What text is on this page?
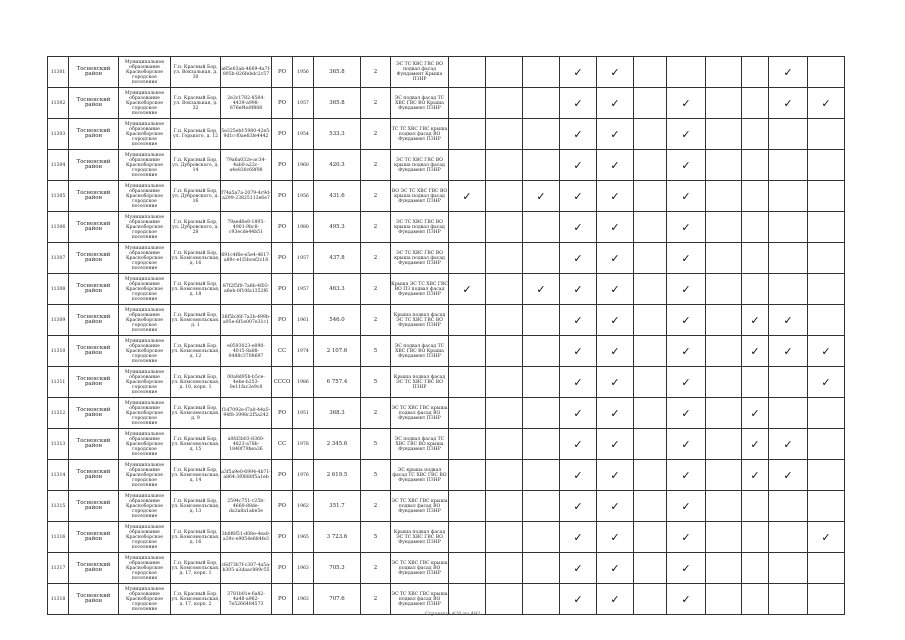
11301	Тосненский район	Муниципальное образование Красноборское городское поселение	Г.п. Красный Бор, ул. Вокзальная, д. 30	a85e03ab-4669-4a7f-895b-826febdc2c57	РО	1956	365.8	2	ЭС ТС ХВС ГВС ВО подвал фасад Фундамент Крыша ПЗНР				✓	✓					✓	
11302	Тосненский район	Муниципальное образование Красноборское городское поселение	Г.п. Красный Бор, ул. Вокзальная, д. 32	2e3c1782-8584-4439-a998-876ef4a9f888	РО	1957	365.8	2	ЭС подвал фасад ТС ХВС ГВС ВО Крыша Фундамент ПЗНР				✓	✓		✓			✓	✓
11303	Тосненский район	Муниципальное образование Красноборское городское поселение	Г.п. Красный Бор, ул. Горького, д. 12	5e325ebf-5980-42e5-9d1c-f0ae63fe4442	РО	1954	533.3	2	ТС ТС ХВС ГВС крыша подвал фасад ВО Фундамент ПЗНР				✓	✓		✓				
11304	Тосненский район	Муниципальное образование Красноборское городское поселение	Г.п. Красный Бор, ул. Дубровского, д. 14	79a6a032e-ac34-4ab0-a22c-a4e830c68f98	РО	1960	420.3	2	ЭС ТС ХВС ГВС ВО крыша подвал фасад Фундамент ПЗНР				✓	✓		✓				
11305	Тосненский район	Муниципальное образование Красноборское городское поселение	Г.п. Красный Бор, ул. Дубровского, д. 16	f74a5a7a-2079-4c9d-a299-23825113e6e7	РО	1956	431.6	2	ВО ЭС ТС ХВС ГВС ВО крыша подвал фасад Фундамент ПЗНР	✓		✓	✓	✓		✓				
11306	Тосненский район	Муниципальное образование Красноборское городское поселение	Г.п. Красный Бор, ул. Дубровского, д. 28	79aed6e8-1895-4901-9bc8-c93ecde44b51	РО	1980	495.3	2	ЭС ТС ХВС ГВС ВО крыша подвал фасад Фундамент ПЗНР				✓	✓		✓				
11307	Тосненский район	Муниципальное образование Красноборское городское поселение	Г.п. Красный Бор, ул. Комсомольская, д. 16	691c4f6e-e5e4-4617-a89c-e1f3bcef2c18	РО	1957	437.8	2	ЭС ТС ХВС ГВС ВО крыша подвал фасад Фундамент ПЗНР				✓	✓		✓				
11308	Тосненский район	Муниципальное образование Красноборское городское поселение	Г.п. Красный Бор, ул. Комсомольская, д. 18	87f2f5f0-7a8b-4f03-a6eb-0f10fa1352f6	РО	1957	463.3	2	Крыша ЭС ТС ХВС ГВС ВО ПЗ подвал фасад Фундамент ПЗНР	✓		✓	✓	✓		✓				
11309	Тосненский район	Муниципальное образование Красноборское городское поселение	Г.п. Красный Бор, ул. Комсомольская, д. 1	36f5b36f-7a3b-499b-a95e-6f1e007e31c1	РО	1961	546.0	2	Крыша подвал фасад ЭС ТС ХВС ГВС ВО Фундамент ПЗНР				✓	✓		✓		✓	✓	
11310	Тосненский район	Муниципальное образование Красноборское городское поселение	Г.п. Красный Бор, ул. Комсомольская, д. 12	e0593023-e090-4015-8a88-0488c3708697	СС	1974	2 107.6	5	ЭС подвал фасад ТС ХВС ГВС ВО Крыша Фундамент ПЗНР				✓	✓		✓		✓	✓	✓
11311	Тосненский район	Муниципальное образование Красноборское городское поселение	Г.п. Красный Бор, ул. Комсомольская, д. 10, корп. 1	00a8d95b-b5ce-4ebe-b253-0e11fac2e9c8	СССО	1986	6 757.4	5	Крыша подвал фасад ЭС ТС ХВС ГВС ВО ПЗНР				✓	✓		✓				✓
11312	Тосненский район	Муниципальное образование Красноборское городское поселение	Г.п. Красный Бор, ул. Комсомольская, д. 9	f1d7092e-f7a0-44a5-94f8-3998c2f5a242	РО	1951	368.3	2	ЭС ТС ХВС ГВС крыша подвал фасад ВО Фундамент ПЗНР				✓	✓		✓		✓		
11313	Тосненский район	Муниципальное образование Красноборское городское поселение	Г.п. Красный Бор, ул. Комсомольская, д. 15	a0fd3b03-8360-4823-a78b-1840f79bea36	СС	1978	2 345.6	5	ЭС подвал фасад ТС ХВС ГВС ВО крыша Фундамент ПЗНР				✓	✓		✓		✓	✓	
11314	Тосненский район	Муниципальное образование Красноборское городское поселение	Г.п. Красный Бор, ул. Комсомольская, д. 14	a3f5a9e0-6994-4b71-a864-3f0880f5a1eb	РО	1976	2 619.5	5	ЭС крыша подвал фасад ТС ХВС ГВС ВО Фундамент ПЗНР				✓	✓		✓		✓	✓	
11315	Тосненский район	Муниципальное образование Красноборское городское поселение	Г.п. Красный Бор, ул. Комсомольская, д. 13	2594c751-c25b-4660-88de-da3a8a1abe5e	РО	1962	351.7	2	ЭС ТС ХВС ГВС крыша подвал фасад ВО Фундамент ПЗНР				✓	✓		✓				
11316	Тосненский район	Муниципальное образование Красноборское городское поселение	Г.п. Красный Бор, ул. Комсомольская, д. 16	3b0f6f51-d08e-4ea0-a39c-e9054e684fe3	РО	1965	3 723.6	5	Крыша подвал фасад ЭС ТС ХВС ГВС ВО Фундамент ПЗНР				✓	✓		✓				✓
11317	Тосненский район	Муниципальное образование Красноборское городское поселение	Г.п. Красный Бор, ул. Комсомольская, д. 17, корп. 1	c6d73b7f-c307-4a5a-b305-a3daac889c55	РО	1963	705.3	2	ЭС ТС ХВС ГВС крыша подвал фасад ВО Фундамент ПЗНР				✓	✓		✓				
11318	Тосненский район	Муниципальное образование Красноборское городское поселение	Г.п. Красный Бор, ул. Комсомольская, д. 17, корп. 2	3781b01e-6a82-4a48-a982-7e5266484573	РО	1963	707.6	2	ЭС ТС ХВС ГВС крыша подвал фасад ВО Фундамент ПЗНР				✓	✓		✓				
Страница 420 из 492
